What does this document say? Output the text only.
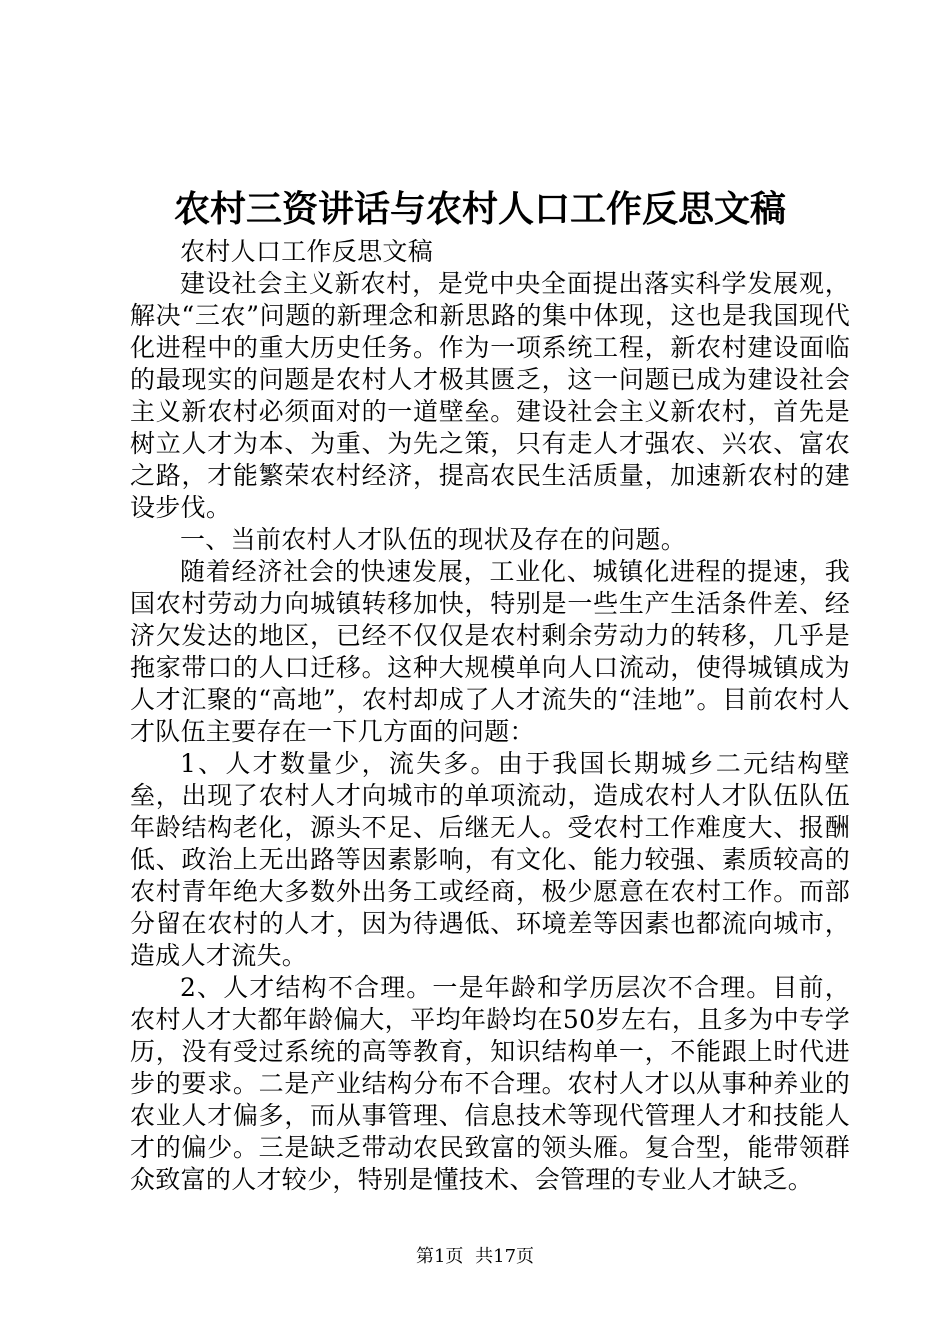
农村三资讲话与农村人口工作反思文稿

农村人口工作反思文稿

建设社会主义新农村，是党中央全面提出落实科学发展观，解决“三农”问题的新理念和新思路的集中体现，这也是我国现代化进程中的重大历史任务。作为一项系统工程，新农村建设面临的最现实的问题是农村人才极其匮乏，这一问题已成为建设社会主义新农村必须面对的一道壁垒。建设社会主义新农村，首先是树立人才为本、为重、为先之策，只有走人才强农、兴农、富农之路，才能繁荣农村经济，提高农民生活质量，加速新农村的建设步伐。

一、当前农村人才队伍的现状及存在的问题。

随着经济社会的快速发展，工业化、城镇化进程的提速，我国农村劳动力向城镇转移加快，特别是一些生产生活条件差、经济欠发达的地区，已经不仅仅是农村剩余劳动力的转移，几乎是拖家带口的人口迁移。这种大规模单向人口流动，使得城镇成为人才汇聚的“高地”，农村却成了人才流失的“洼地”。目前农村人才队伍主要存在一下几方面的问题：

1、人才数量少，流失多。由于我国长期城乡二元结构壁垒，出现了农村人才向城市的单项流动，造成农村人才队伍队伍年龄结构老化，源头不足、后继无人。受农村工作难度大、报酬低、政治上无出路等因素影响，有文化、能力较强、素质较高的农村青年绝大多数外出务工或经商，极少愿意在农村工作。而部分留在农村的人才，因为待遇低、环境差等因素也都流向城市，造成人才流失。

2、人才结构不合理。一是年龄和学历层次不合理。目前，农村人才大都年龄偏大，平均年龄均在50岁左右，且多为中专学历，没有受过系统的高等教育，知识结构单一，不能跟上时代进步的要求。二是产业结构分布不合理。农村人才以从事种养业的农业人才偏多，而从事管理、信息技术等现代管理人才和技能人才的偏少。三是缺乏带动农民致富的领头雁。复合型，能带领群众致富的人才较少，特别是懂技术、会管理的专业人才缺乏。

第1页 共17页
